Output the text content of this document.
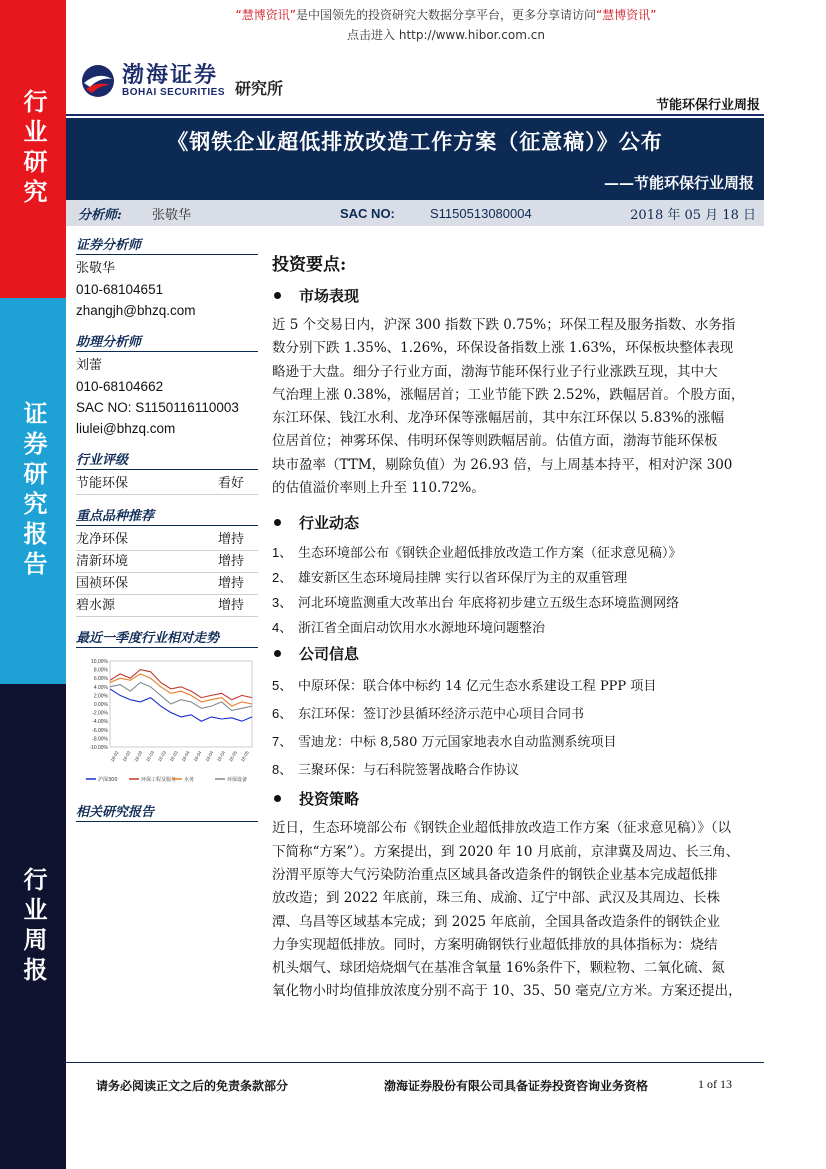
行业研究
证券研究报告
行业周报
“慧博资讯”是中国领先的投资研究大数据分享平台，更多分享请访问“慧博资讯”
点击进入 http://www.hibor.com.cn
渤海证券
BOHAI SECURITIES 研究所
节能环保行业周报
《钢铁企业超低排放改造工作方案（征意稿）》公布
——节能环保行业周报
分析师: 张敬华	SAC NO:	S1150513080004	2018 年 05 月 18 日
证券分析师
张敬华
010-68104651
zhangjh@bhzq.com
助理分析师
刘蕾
010-68104662
SAC NO: S1150116110003
liulei@bhzq.com
行业评级
节能环保	看好
重点品种推荐
龙净环保	增持
清新环境	增持
国祯环保	增持
碧水源	增持
最近一季度行业相对走势
10.00%
8.00%
6.00%
4.00%
2.00%
0.00%
-2.00%
-4.00%
-6.00%
-8.00%
-10.00%
18-02 18-02 18-03 18-03 18-03 18-03 18-04 18-04 18-04 18-04 18-05 18-05
沪深300	环保工程及服务 水务	环保设备
相关研究报告
投资要点:
市场表现
近 5 个交易日内，沪深 300 指数下跌 0.75%；环保工程及服务指数、水务指
数分别下跌 1.35%、1.26%，环保设备指数上涨 1.63%，环保板块整体表现
略逊于大盘。细分子行业方面，渤海节能环保行业子行业涨跌互现，其中大
气治理上涨 0.38%，涨幅居首；工业节能下跌 2.52%，跌幅居首。个股方面，
东江环保、钱江水利、龙净环保等涨幅居前，其中东江环保以 5.83%的涨幅
位居首位；神雾环保、伟明环保等则跌幅居前。估值方面，渤海节能环保板
块市盈率（TTM，剔除负值）为 26.93 倍，与上周基本持平，相对沪深 300
的估值溢价率则上升至 110.72%。
行业动态
1、 生态环境部公布《钢铁企业超低排放改造工作方案（征求意见稿）》
2、 雄安新区生态环境局挂牌 实行以省环保厅为主的双重管理
3、 河北环境监测重大改革出台 年底将初步建立五级生态环境监测网络
4、 浙江省全面启动饮用水水源地环境问题整治
公司信息
5、 中原环保：联合体中标约 14 亿元生态水系建设工程 PPP 项目
6、 东江环保：签订沙县循环经济示范中心项目合同书
7、 雪迪龙：中标 8,580 万元国家地表水自动监测系统项目
8、 三聚环保：与石科院签署战略合作协议
投资策略
近日，生态环境部公布《钢铁企业超低排放改造工作方案（征求意见稿）》（以
下简称“方案”）。方案提出，到 2020 年 10 月底前，京津冀及周边、长三角、
汾渭平原等大气污染防治重点区域具备改造条件的钢铁企业基本完成超低排
放改造；到 2022 年底前，珠三角、成渝、辽宁中部、武汉及其周边、长株
潭、乌昌等区域基本完成；到 2025 年底前，全国具备改造条件的钢铁企业
力争实现超低排放。同时，方案明确钢铁行业超低排放的具体指标为：烧结
机头烟气、球团焙烧烟气在基准含氧量 16%条件下，颗粒物、二氧化硫、氮
氧化物小时均值排放浓度分别不高于 10、35、50 毫克/立方米。方案还提出，
请务必阅读正文之后的免责条款部分	渤海证券股份有限公司具备证券投资咨询业务资格	1 of 13
